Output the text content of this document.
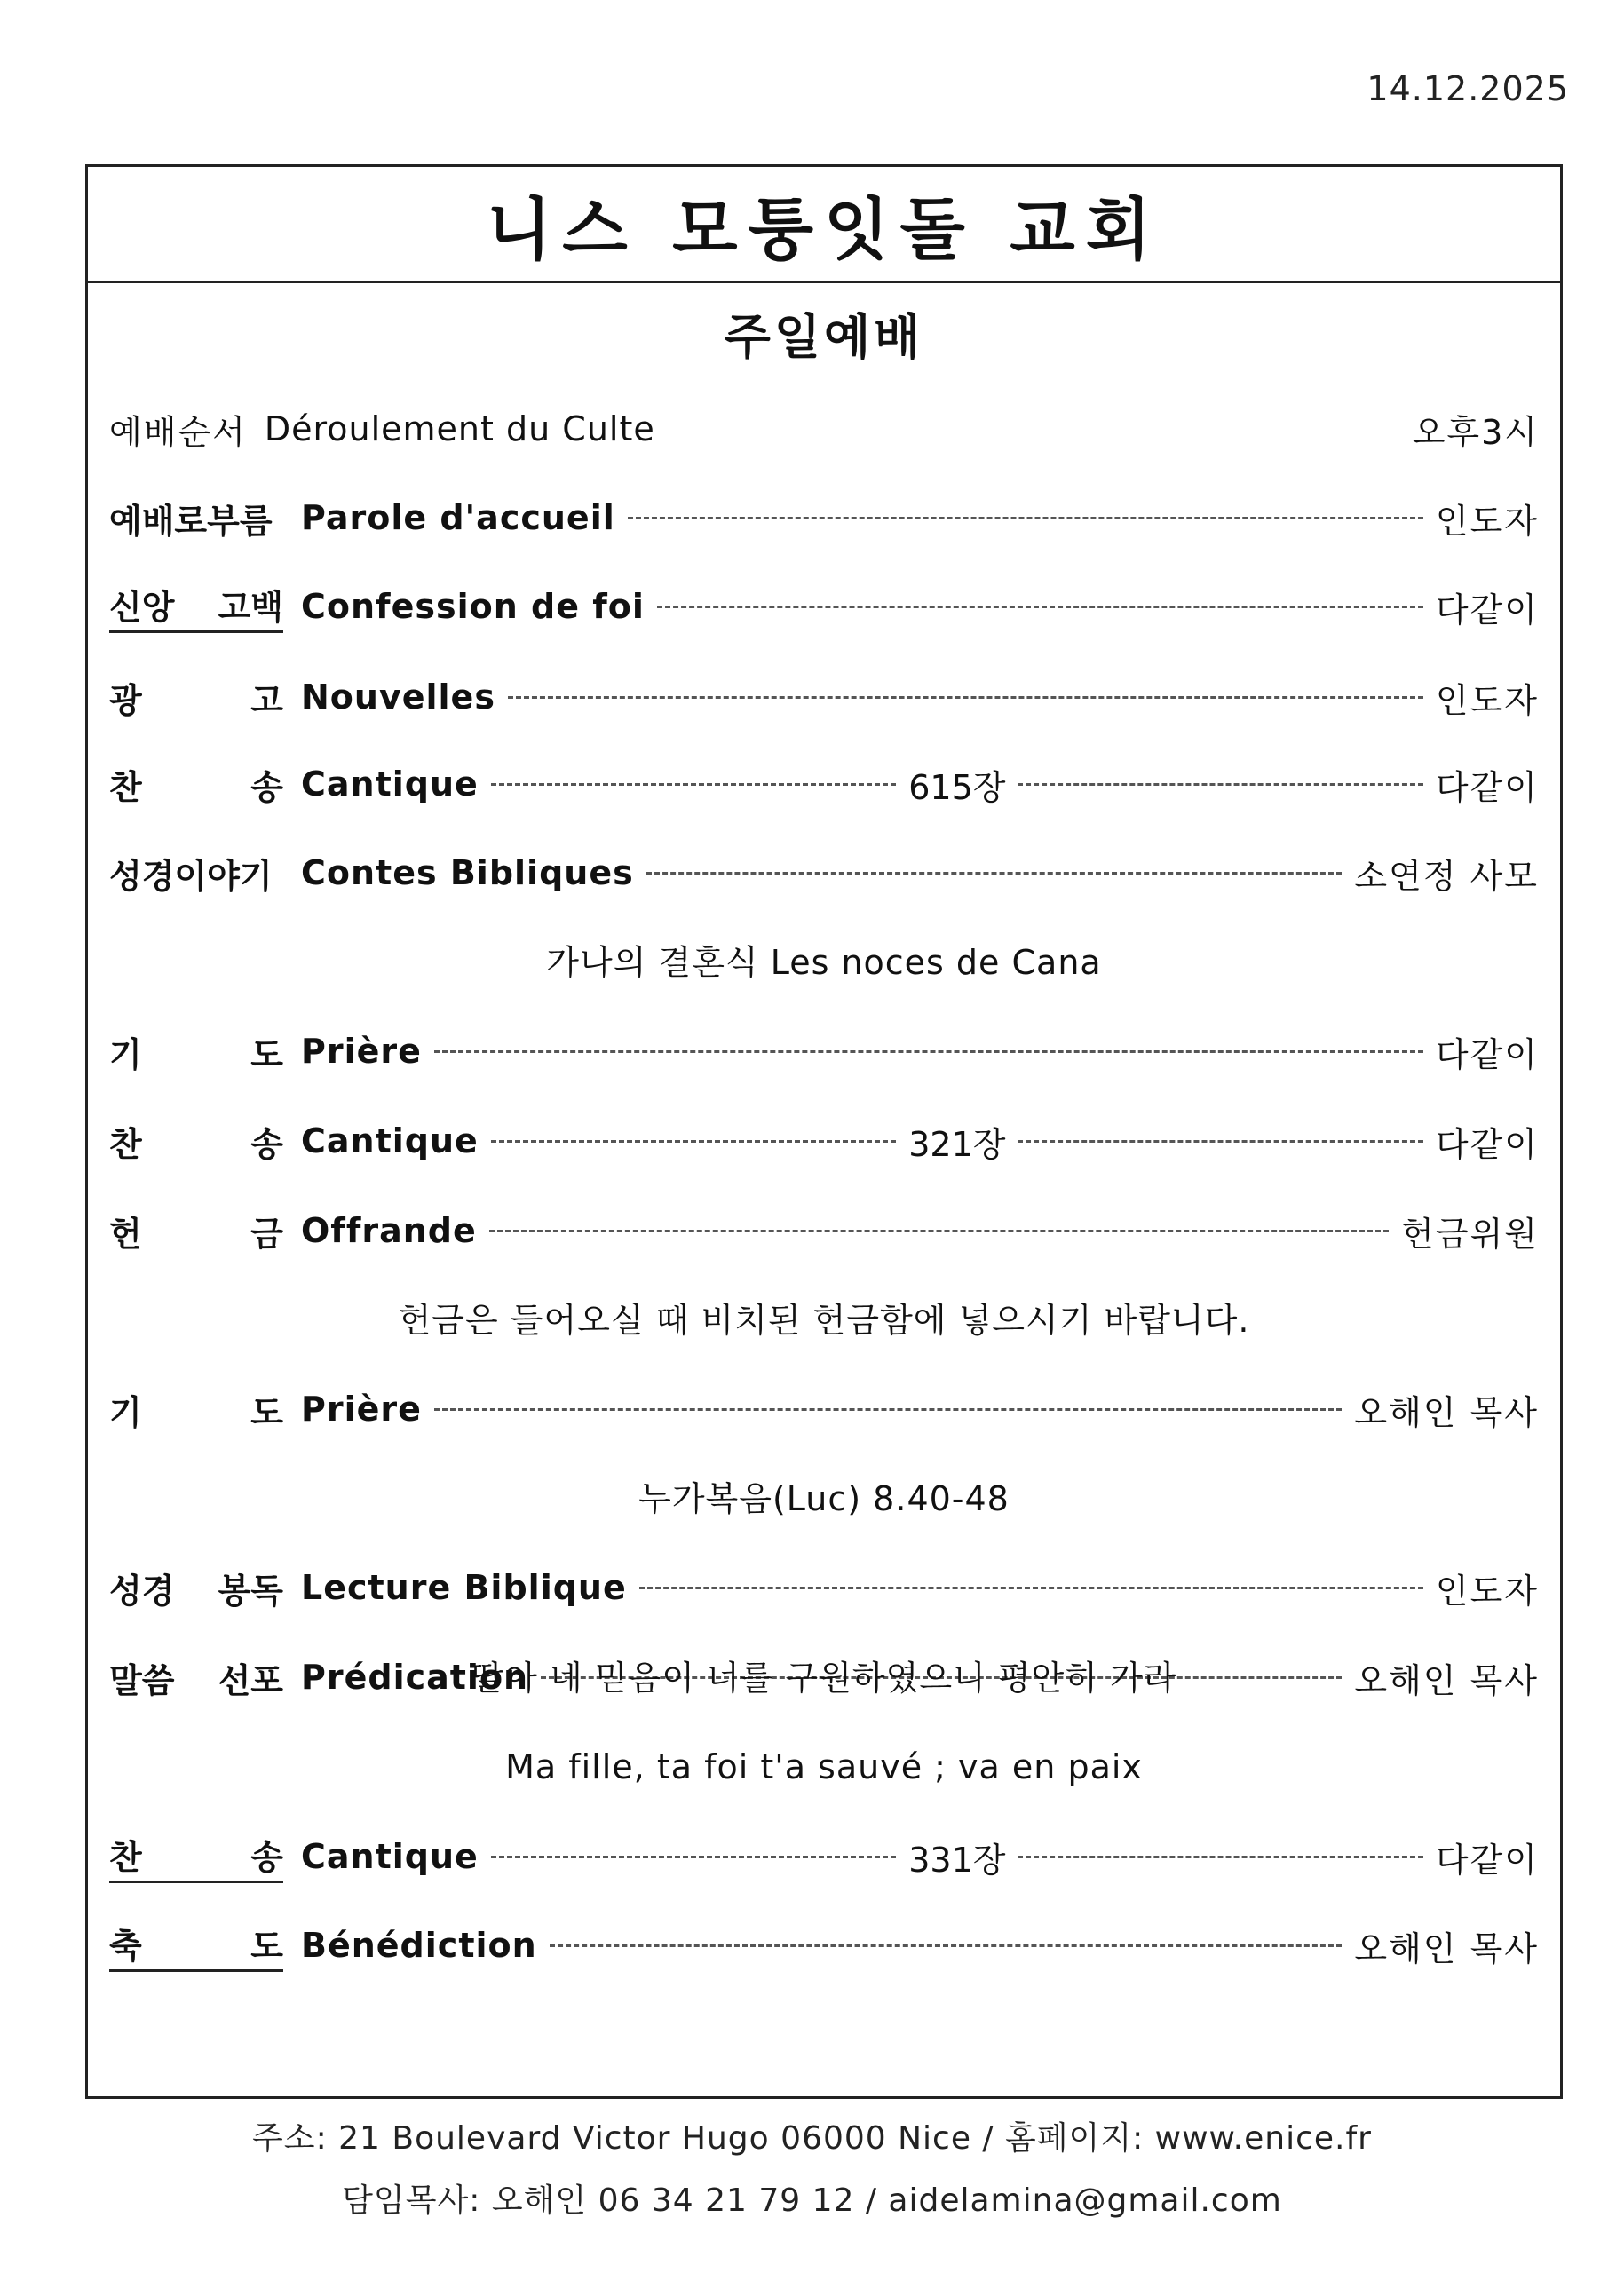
14.12.2025
니스 모퉁잇돌 교회
주일예배
예배순서 Déroulement du Culte	오후3시
예배로부름 Parole d'accueil	인도자
신앙 고백 Confession de foi	다같이
광	고 Nouvelles	인도자
찬	송 Cantique	615장	다같이
성경이야기 Contes Bibliques	소연정 사모
기	도 Prière	다같이
찬	송 Cantique	321장	다같이
헌	금 Offrande	헌금위원
기	도 Prière	오해인 목사
성경 봉독 Lecture Biblique	인도자
말씀 선포 Prédication	오해인 목사
찬	송 Cantique	331장	다같이
축	도 Bénédiction	오해인 목사
가나의 결혼식 Les noces de Cana
헌금은 들어오실 때 비치된 헌금함에 넣으시기 바랍니다.
누가복음(Luc) 8.40-48
딸아 네 믿음이 너를 구원하였으니 평안히 가라
Ma fille, ta foi t'a sauvé ; va en paix
주소: 21 Boulevard Victor Hugo 06000 Nice / 홈페이지: www.enice.fr
담임목사: 오해인 06 34 21 79 12 / aidelamina@gmail.com
